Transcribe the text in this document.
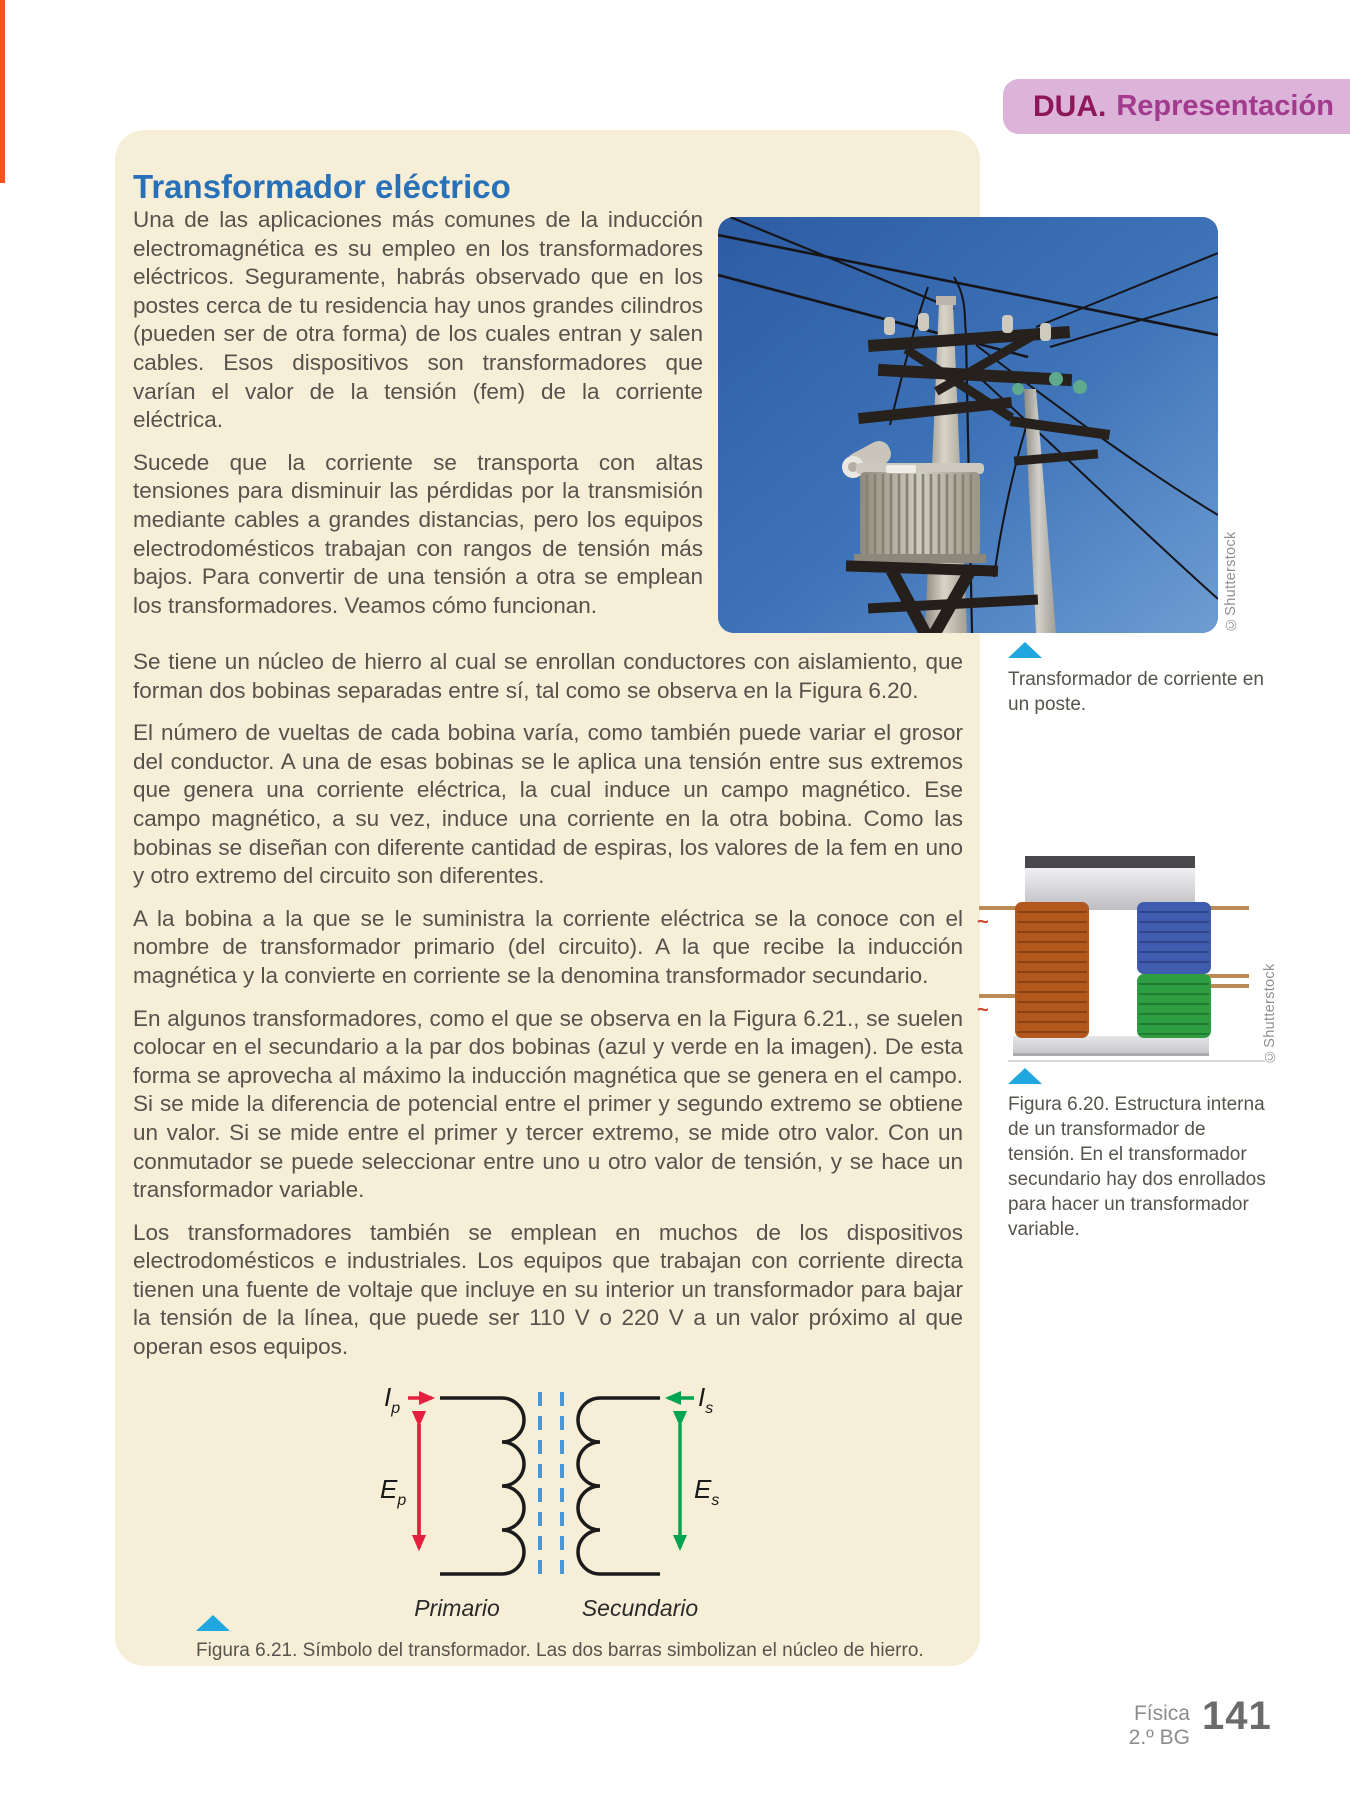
DUA. Representación
Transformador eléctrico

Una de las aplicaciones más comunes de la inducción electromagnética es su empleo en los transformadores eléctricos. Seguramente, habrás observado que en los postes cerca de tu residencia hay unos grandes cilindros (pueden ser de otra forma) de los cuales entran y salen cables. Esos dispositivos son transformadores que varían el valor de la tensión (fem) de la corriente eléctrica.

Sucede que la corriente se transporta con altas tensiones para disminuir las pérdidas por la transmisión mediante cables a grandes distancias, pero los equipos electrodomésticos trabajan con rangos de tensión más bajos. Para convertir de una tensión a otra se emplean los transformadores. Veamos cómo funcionan.

Se tiene un núcleo de hierro al cual se enrollan conductores con aislamiento, que forman dos bobinas separadas entre sí, tal como se observa en la Figura 6.20.

El número de vueltas de cada bobina varía, como también puede variar el grosor del conductor. A una de esas bobinas se le aplica una tensión entre sus extremos que genera una corriente eléctrica, la cual induce un campo magnético. Ese campo magnético, a su vez, induce una corriente en la otra bobina. Como las bobinas se diseñan con diferente cantidad de espiras, los valores de la fem en uno y otro extremo del circuito son diferentes.

A la bobina a la que se le suministra la corriente eléctrica se la conoce con el nombre de transformador primario (del circuito). A la que recibe la inducción magnética y la convierte en corriente se la denomina transformador secundario.

En algunos transformadores, como el que se observa en la Figura 6.21., se suelen colocar en el secundario a la par dos bobinas (azul y verde en la imagen). De esta forma se aprovecha al máximo la inducción magnética que se genera en el campo. Si se mide la diferencia de potencial entre el primer y segundo extremo se obtiene un valor. Si se mide entre el primer y tercer extremo, se mide otro valor. Con un conmutador se puede seleccionar entre uno u otro valor de tensión, y se hace un transformador variable.

Los transformadores también se emplean en muchos de los dispositivos electrodomésticos e industriales. Los equipos que trabajan con corriente directa tienen una fuente de voltaje que incluye en su interior un transformador para bajar la tensión de la línea, que puede ser 110 V o 220 V a un valor próximo al que operan esos equipos.

Transformador de corriente en un poste.
©Shutterstock
~
~	©Shutterstock
Figura 6.20. Estructura interna de un transformador de tensión. En el transformador secundario hay dos enrollados para hacer un transformador variable.
$I_p$
$E_p$
$I_s$
$E_s$
Primario	Secundario
Figura 6.21. Símbolo del transformador. Las dos barras simbolizan el núcleo de hierro.
Física
2.º BG 141
